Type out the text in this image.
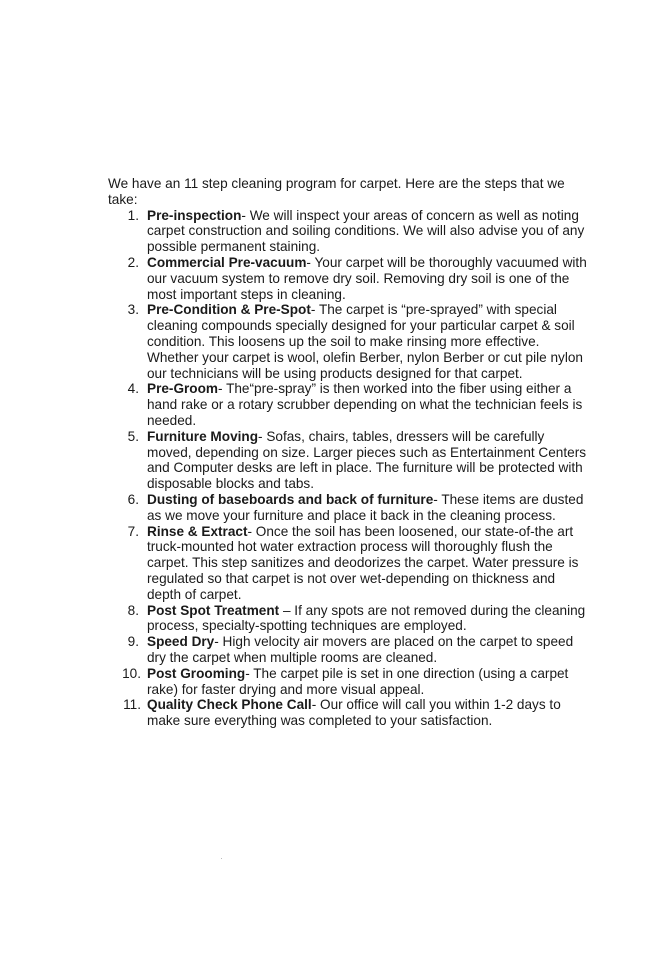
We have an 11 step cleaning program for carpet. Here are the steps that we take:

1. Pre-inspection- We will inspect your areas of concern as well as noting carpet construction and soiling conditions. We will also advise you of any possible permanent staining.
2. Commercial Pre-vacuum- Your carpet will be thoroughly vacuumed with our vacuum system to remove dry soil. Removing dry soil is one of the most important steps in cleaning.
3. Pre-Condition & Pre-Spot- The carpet is “pre-sprayed” with special cleaning compounds specially designed for your particular carpet & soil condition. This loosens up the soil to make rinsing more effective. Whether your carpet is wool, olefin Berber, nylon Berber or cut pile nylon our technicians will be using products designed for that carpet.
4. Pre-Groom- The“pre-spray” is then worked into the fiber using either a hand rake or a rotary scrubber depending on what the technician feels is needed.
5. Furniture Moving- Sofas, chairs, tables, dressers will be carefully moved, depending on size. Larger pieces such as Entertainment Centers and Computer desks are left in place. The furniture will be protected with disposable blocks and tabs.
6. Dusting of baseboards and back of furniture- These items are dusted as we move your furniture and place it back in the cleaning process.
7. Rinse & Extract- Once the soil has been loosened, our state-of-the art truck-mounted hot water extraction process will thoroughly flush the carpet. This step sanitizes and deodorizes the carpet. Water pressure is regulated so that carpet is not over wet-depending on thickness and depth of carpet.
8. Post Spot Treatment – If any spots are not removed during the cleaning process, specialty-spotting techniques are employed.
9. Speed Dry- High velocity air movers are placed on the carpet to speed dry the carpet when multiple rooms are cleaned.
10. Post Grooming- The carpet pile is set in one direction (using a carpet rake) for faster drying and more visual appeal.
11. Quality Check Phone Call- Our office will call you within 1-2 days to make sure everything was completed to your satisfaction.
